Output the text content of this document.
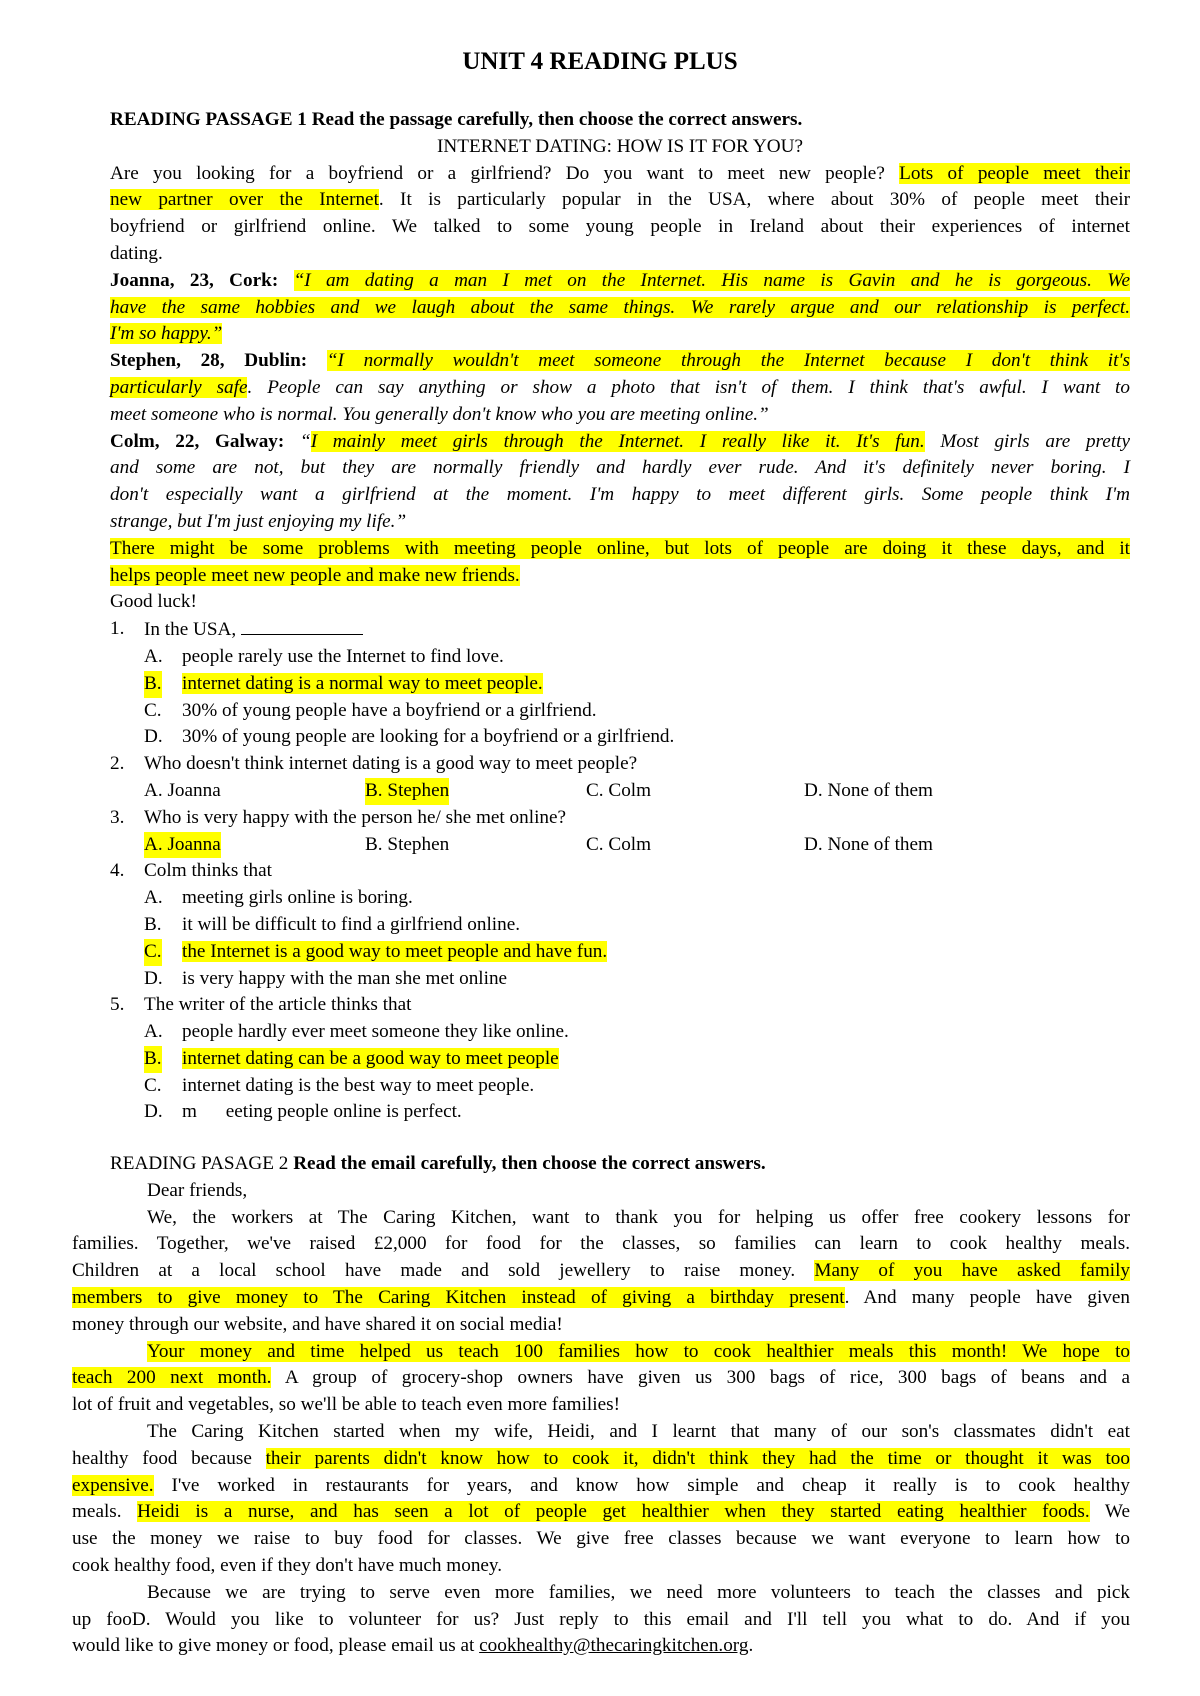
UNIT 4 READING PLUS
READING PASSAGE 1 Read the passage carefully, then choose the correct answers.
INTERNET DATING: HOW IS IT FOR YOU?
Are you looking for a boyfriend or a girlfriend? Do you want to meet new people? Lots of people meet their
new partner over the Internet. It is particularly popular in the USA, where about 30% of people meet their
boyfriend or girlfriend online. We talked to some young people in Ireland about their experiences of internet
dating.
Joanna, 23, Cork: “I am dating a man I met on the Internet. His name is Gavin and he is gorgeous. We
have the same hobbies and we laugh about the same things. We rarely argue and our relationship is perfect.
I'm so happy.”
Stephen, 28, Dublin: “I normally wouldn't meet someone through the Internet because I don't think it's
particularly safe. People can say anything or show a photo that isn't of them. I think that's awful. I want to
meet someone who is normal. You generally don't know who you are meeting online.”
Colm, 22, Galway: “I mainly meet girls through the Internet. I really like it. It's fun. Most girls are pretty
and some are not, but they are normally friendly and hardly ever rude. And it's definitely never boring. I
don't especially want a girlfriend at the moment. I'm happy to meet different girls. Some people think I'm
strange, but I'm just enjoying my life.”
There might be some problems with meeting people online, but lots of people are doing it these days, and it
helps people meet new people and make new friends.
Good luck!
1. In the USA,
A. people rarely use the Internet to find love.
B. internet dating is a normal way to meet people.
C. 30% of young people have a boyfriend or a girlfriend.
D. 30% of young people are looking for a boyfriend or a girlfriend.
2. Who doesn't think internet dating is a good way to meet people?
A. Joanna	B. Stephen	C. Colm	D. None of them
3. Who is very happy with the person he/ she met online?
A. Joanna	B. Stephen	C. Colm	D. None of them
4. Colm thinks that
A. meeting girls online is boring.
B. it will be difficult to find a girlfriend online.
C. the Internet is a good way to meet people and have fun.
D. is very happy with the man she met online
5. The writer of the article thinks that
A. people hardly ever meet someone they like online.
B. internet dating can be a good way to meet people
C. internet dating is the best way to meet people.
D. m      eeting people online is perfect.
READING PASAGE 2 Read the email carefully, then choose the correct answers.
Dear friends,
We, the workers at The Caring Kitchen, want to thank you for helping us offer free cookery lessons for
families. Together, we've raised £2,000 for food for the classes, so families can learn to cook healthy meals.
Children at a local school have made and sold jewellery to raise money. Many of you have asked family
members to give money to The Caring Kitchen instead of giving a birthday present. And many people have given
money through our website, and have shared it on social media!
Your money and time helped us teach 100 families how to cook healthier meals this month! We hope to
teach 200 next month. A group of grocery-shop owners have given us 300 bags of rice, 300 bags of beans and a
lot of fruit and vegetables, so we'll be able to teach even more families!
The Caring Kitchen started when my wife, Heidi, and I learnt that many of our son's classmates didn't eat
healthy food because their parents didn't know how to cook it, didn't think they had the time or thought it was too
expensive. I've worked in restaurants for years, and know how simple and cheap it really is to cook healthy
meals. Heidi is a nurse, and has seen a lot of people get healthier when they started eating healthier foods. We
use the money we raise to buy food for classes. We give free classes because we want everyone to learn how to
cook healthy food, even if they don't have much money.
Because we are trying to serve even more families, we need more volunteers to teach the classes and pick
up fooD. Would you like to volunteer for us? Just reply to this email and I'll tell you what to do. And if you
would like to give money or food, please email us at cookhealthy@thecaringkitchen.org.
